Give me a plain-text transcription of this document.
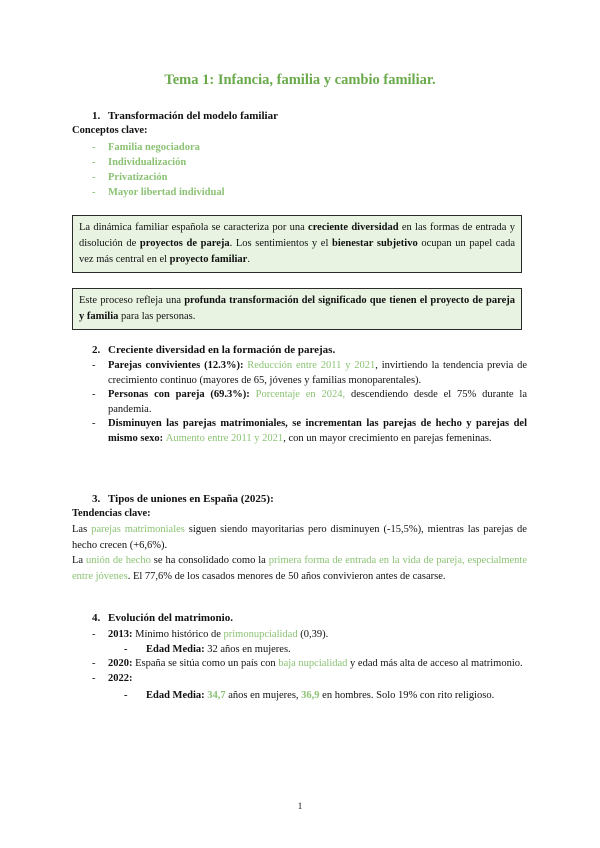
Tema 1: Infancia, familia y cambio familiar.
1. Transformación del modelo familiar
Conceptos clave:
- Familia negociadora
- Individualización
- Privatización
- Mayor libertad individual
La dinámica familiar española se caracteriza por una creciente diversidad en las formas de entrada y disolución de proyectos de pareja. Los sentimientos y el bienestar subjetivo ocupan un papel cada vez más central en el proyecto familiar.
Este proceso refleja una profunda transformación del significado que tienen el proyecto de pareja y familia para las personas.
2. Creciente diversidad en la formación de parejas.
- Parejas convivientes (12.3%): Reducción entre 2011 y 2021, invirtiendo la tendencia previa de crecimiento continuo (mayores de 65, jóvenes y familias monoparentales).
- Personas con pareja (69.3%): Porcentaje en 2024, descendiendo desde el 75% durante la pandemia.
- Disminuyen las parejas matrimoniales, se incrementan las parejas de hecho y parejas del mismo sexo: Aumento entre 2011 y 2021, con un mayor crecimiento en parejas femeninas.
3. Tipos de uniones en España (2025):
Tendencias clave:
Las parejas matrimoniales siguen siendo mayoritarias pero disminuyen (-15,5%), mientras las parejas de hecho crecen (+6,6%).
La unión de hecho se ha consolidado como la primera forma de entrada en la vida de pareja, especialmente entre jóvenes. El 77,6% de los casados menores de 50 años convivieron antes de casarse.
4. Evolución del matrimonio.
- 2013: Mínimo histórico de primonupcialidad (0,39).
- Edad Media: 32 años en mujeres.
- 2020: España se sitúa como un país con baja nupcialidad y edad más alta de acceso al matrimonio.
- 2022:
- Edad Media: 34,7 años en mujeres, 36,9 en hombres. Solo 19% con rito religioso.
1
